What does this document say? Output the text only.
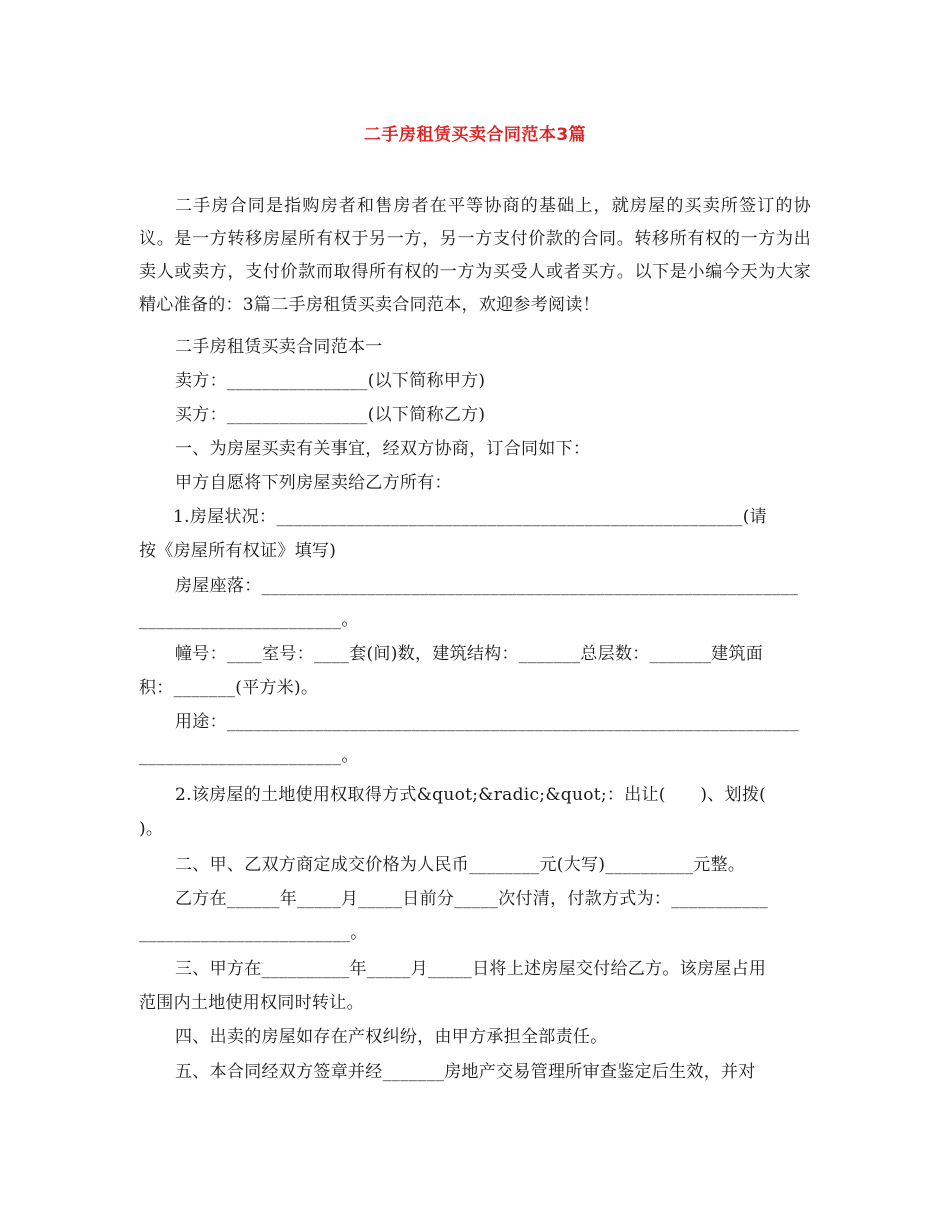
二手房租赁买卖合同范本3篇
二手房合同是指购房者和售房者在平等协商的基础上，就房屋的买卖所签订的协议。是一方转移房屋所有权于另一方，另一方支付价款的合同。转移所有权的一方为出卖人或卖方，支付价款而取得所有权的一方为买受人或者买方。以下是小编今天为大家精心准备的：3篇二手房租赁买卖合同范本，欢迎参考阅读！
二手房租赁买卖合同范本一
卖方：________________(以下简称甲方)
买方：________________(以下简称乙方)
一、为房屋买卖有关事宜，经双方协商，订合同如下：
甲方自愿将下列房屋卖给乙方所有：
1.房屋状况：_____________________________________________________(请
按《房屋所有权证》填写)
房屋座落：_____________________________________________________________
_______________________。
幢号：____室号：____套(间)数，建筑结构：_______总层数：_______建筑面
积：_______(平方米)。
用途：_________________________________________________________________
_______________________。
2.该房屋的土地使用权取得方式&quot;&radic;&quot;：出让(　　)、划拨(
)。
二、甲、乙双方商定成交价格为人民币________元(大写)__________元整。
乙方在______年_____月_____日前分_____次付清，付款方式为：___________
________________________。
三、甲方在__________年_____月_____日将上述房屋交付给乙方。该房屋占用
范围内土地使用权同时转让。
四、出卖的房屋如存在产权纠纷，由甲方承担全部责任。
五、本合同经双方签章并经_______房地产交易管理所审查鉴定后生效，并对
